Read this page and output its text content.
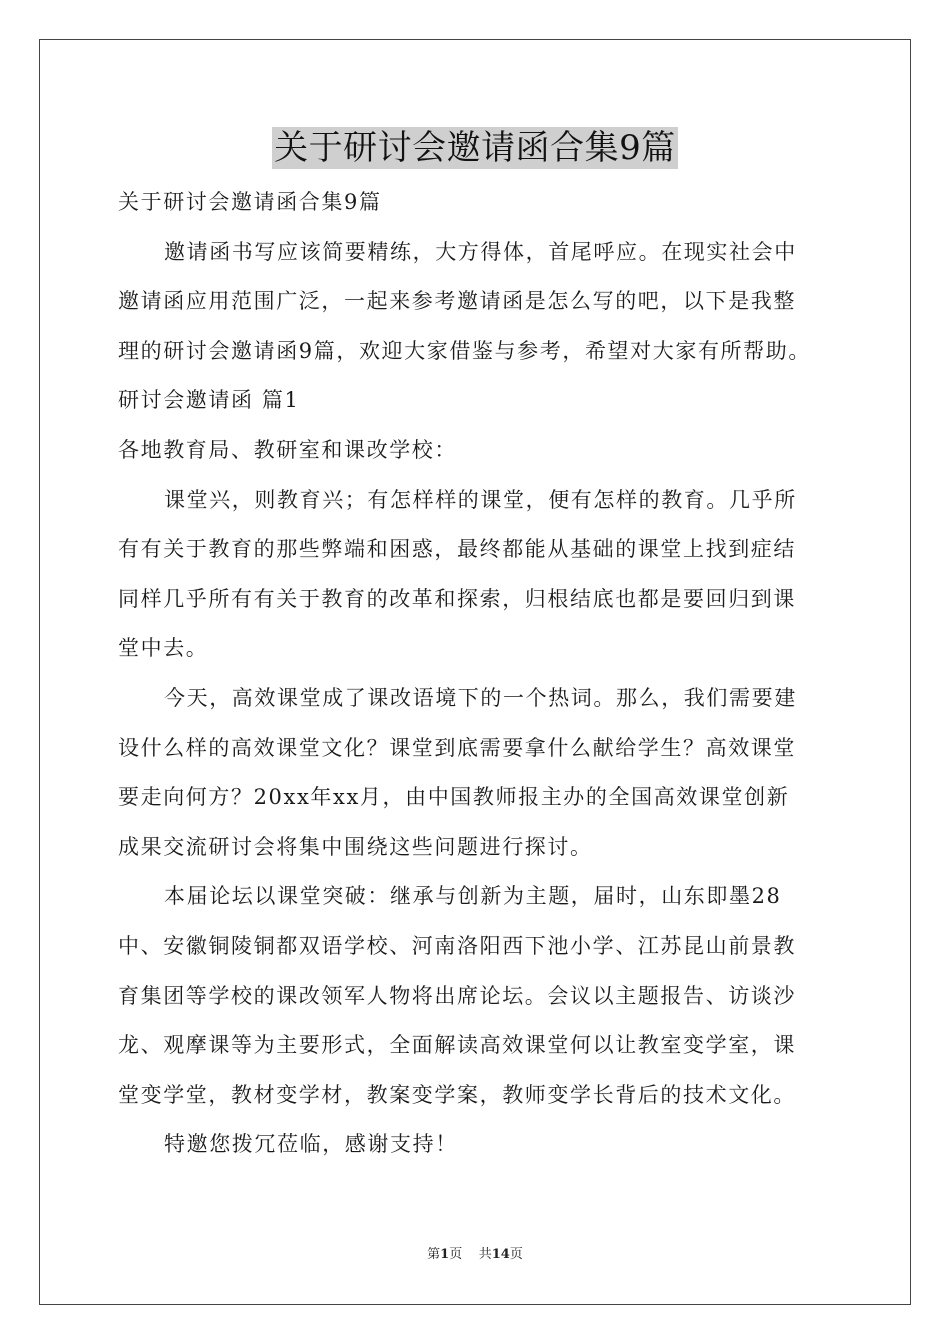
关于研讨会邀请函合集9篇
关于研讨会邀请函合集9篇
邀请函书写应该简要精练，大方得体，首尾呼应。在现实社会中
邀请函应用范围广泛，一起来参考邀请函是怎么写的吧，以下是我整
理的研讨会邀请函9篇，欢迎大家借鉴与参考，希望对大家有所帮助。
研讨会邀请函 篇1
各地教育局、教研室和课改学校：
课堂兴，则教育兴；有怎样样的课堂，便有怎样的教育。几乎所
有有关于教育的那些弊端和困惑，最终都能从基础的课堂上找到症结
同样几乎所有有关于教育的改革和探索，归根结底也都是要回归到课
堂中去。
今天，高效课堂成了课改语境下的一个热词。那么，我们需要建
设什么样的高效课堂文化？课堂到底需要拿什么献给学生？高效课堂
要走向何方？20xx年xx月，由中国教师报主办的全国高效课堂创新
成果交流研讨会将集中围绕这些问题进行探讨。
本届论坛以课堂突破：继承与创新为主题，届时，山东即墨28
中、安徽铜陵铜都双语学校、河南洛阳西下池小学、江苏昆山前景教
育集团等学校的课改领军人物将出席论坛。会议以主题报告、访谈沙
龙、观摩课等为主要形式，全面解读高效课堂何以让教室变学室，课
堂变学堂，教材变学材，教案变学案，教师变学长背后的技术文化。
特邀您拨冗莅临，感谢支持！
第1页 共14页
